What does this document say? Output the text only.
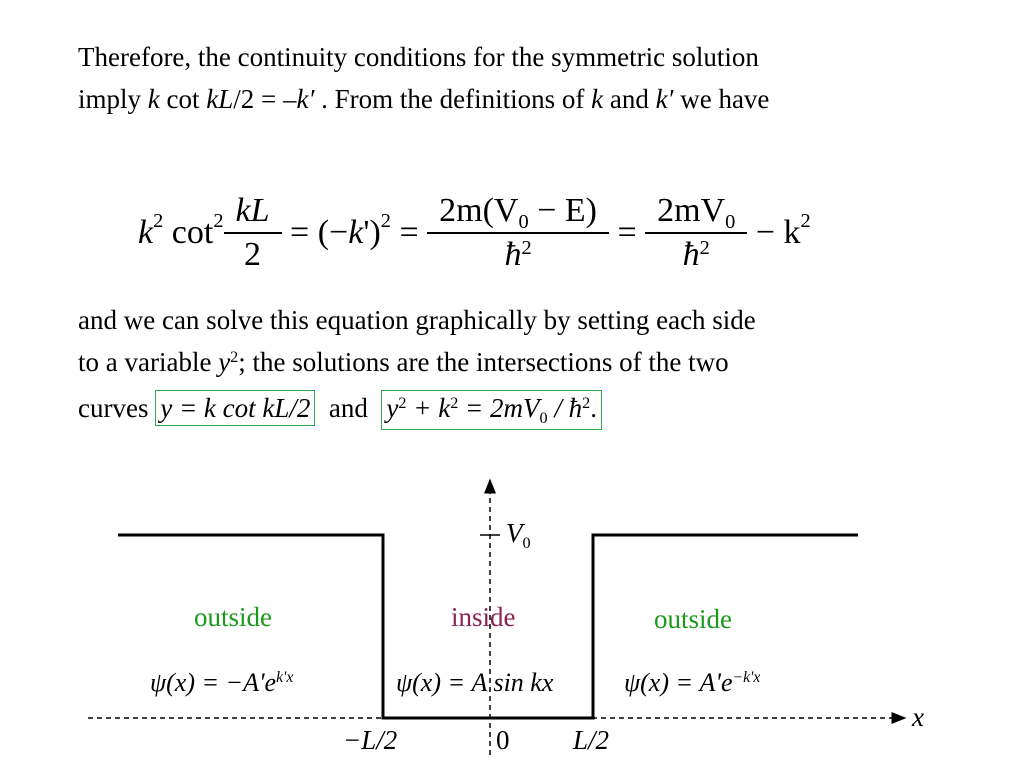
Therefore, the continuity conditions for the symmetric solution
imply k cot kL/2 = –k′ . From the definitions of k and k′ we have
$k^2$ $\cot^2 \frac{kL}{2}$ = (− k ')$^2 = \frac{2m(V_0 - E)}{ħ^2} = \frac{2mV_0}{ħ^2} - k^2$
and we can solve this equation graphically by setting each side
to a variable $y^2$; the solutions are the intersections of the two
curves y = k cot kL/2  and  $y^2 + k^2 = 2mV_0$ / $ħ^2$.
$V_0$
outside	inside	outside
$\psi(x) = -A'e^{k'x}$	ψ(x) = A sin kx	$\psi(x) = A'e^{-k'x}$
x
−L/2	0 L/2
